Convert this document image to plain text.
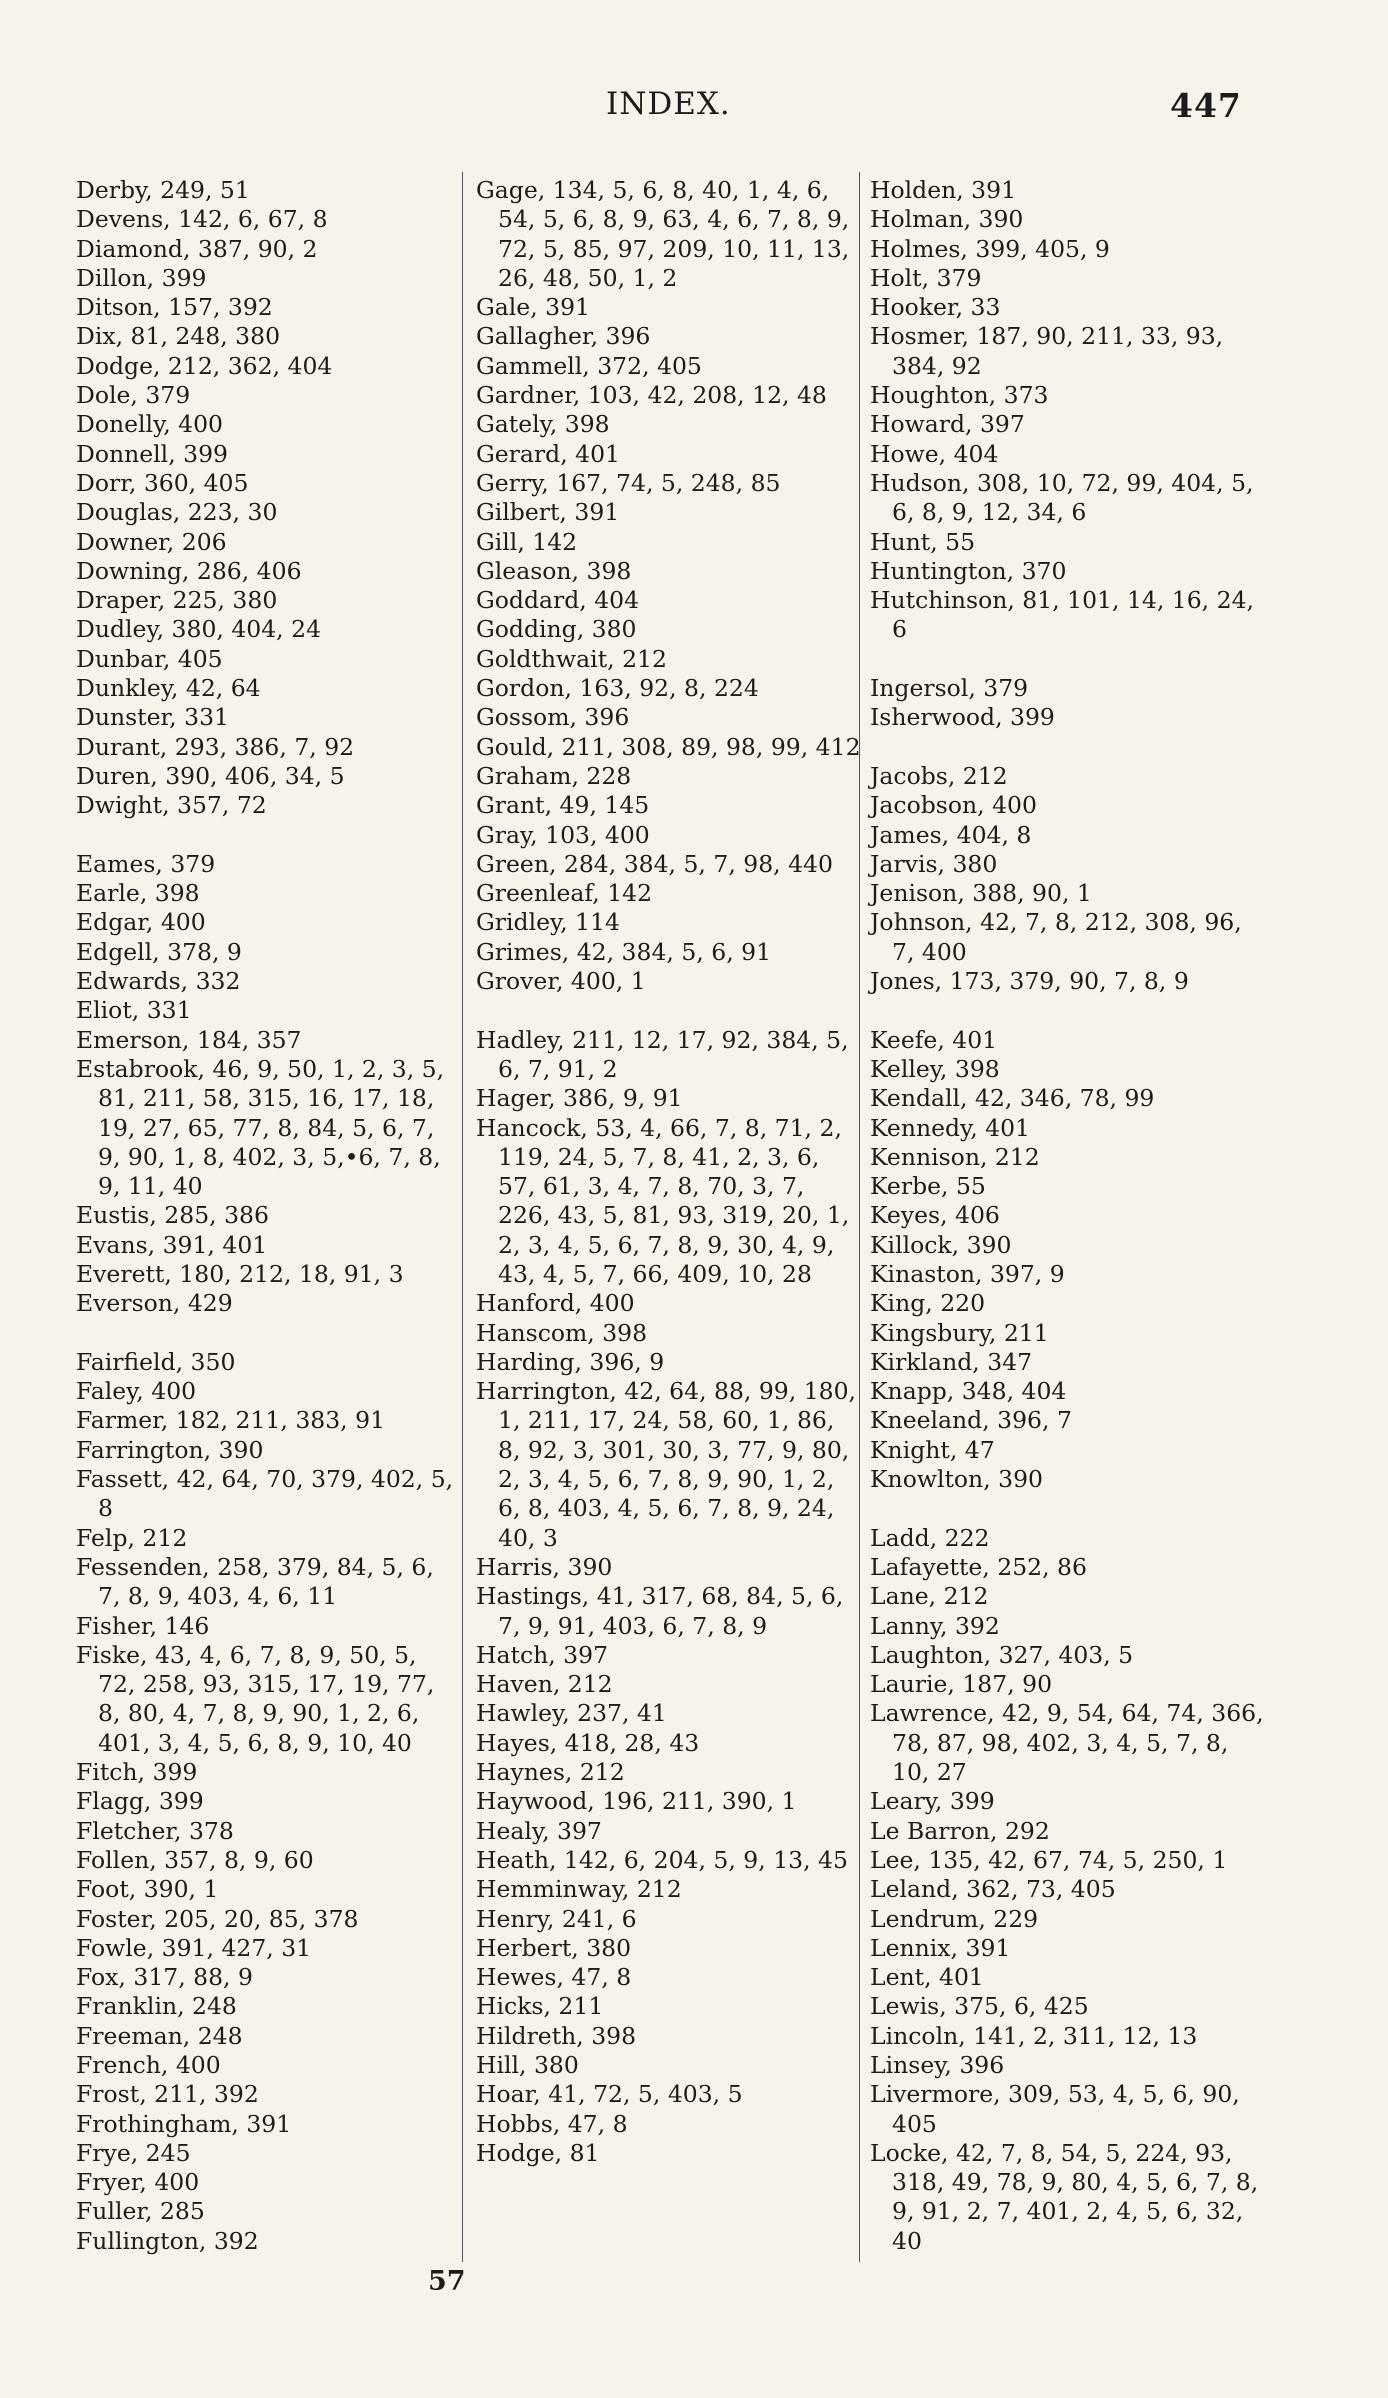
INDEX.	447
Derby, 249, 51
Devens, 142, 6, 67, 8
Diamond, 387, 90, 2
Dillon, 399
Ditson, 157, 392
Dix, 81, 248, 380
Dodge, 212, 362, 404
Dole, 379
Donelly, 400
Donnell, 399
Dorr, 360, 405
Douglas, 223, 30
Downer, 206
Downing, 286, 406
Draper, 225, 380
Dudley, 380, 404, 24
Dunbar, 405
Dunkley, 42, 64
Dunster, 331
Durant, 293, 386, 7, 92
Duren, 390, 406, 34, 5
Dwight, 357, 72
Eames, 379
Earle, 398
Edgar, 400
Edgell, 378, 9
Edwards, 332
Eliot, 331
Emerson, 184, 357
Estabrook, 46, 9, 50, 1, 2, 3, 5, 81, 211, 58, 315, 16, 17, 18, 19, 27, 65, 77, 8, 84, 5, 6, 7, 9, 90, 1, 8, 402, 3, 5,•6, 7, 8, 9, 11, 40
Eustis, 285, 386
Evans, 391, 401
Everett, 180, 212, 18, 91, 3
Everson, 429
Fairfield, 350
Faley, 400
Farmer, 182, 211, 383, 91
Farrington, 390
Fassett, 42, 64, 70, 379, 402, 5, 8
Felp, 212
Fessenden, 258, 379, 84, 5, 6, 7, 8, 9, 403, 4, 6, 11
Fisher, 146
Fiske, 43, 4, 6, 7, 8, 9, 50, 5, 72, 258, 93, 315, 17, 19, 77, 8, 80, 4, 7, 8, 9, 90, 1, 2, 6, 401, 3, 4, 5, 6, 8, 9, 10, 40
Fitch, 399
Flagg, 399
Fletcher, 378
Follen, 357, 8, 9, 60
Foot, 390, 1
Foster, 205, 20, 85, 378
Fowle, 391, 427, 31
Fox, 317, 88, 9
Franklin, 248
Freeman, 248
French, 400
Frost, 211, 392
Frothingham, 391
Frye, 245
Fryer, 400
Fuller, 285
Fullington, 392
Gage, 134, 5, 6, 8, 40, 1, 4, 6, 54, 5, 6, 8, 9, 63, 4, 6, 7, 8, 9, 72, 5, 85, 97, 209, 10, 11, 13, 26, 48, 50, 1, 2
Gale, 391
Gallagher, 396
Gammell, 372, 405
Gardner, 103, 42, 208, 12, 48
Gately, 398
Gerard, 401
Gerry, 167, 74, 5, 248, 85
Gilbert, 391
Gill, 142
Gleason, 398
Goddard, 404
Godding, 380
Goldthwait, 212
Gordon, 163, 92, 8, 224
Gossom, 396
Gould, 211, 308, 89, 98, 99, 412
Graham, 228
Grant, 49, 145
Gray, 103, 400
Green, 284, 384, 5, 7, 98, 440
Greenleaf, 142
Gridley, 114
Grimes, 42, 384, 5, 6, 91
Grover, 400, 1
Hadley, 211, 12, 17, 92, 384, 5, 6, 7, 91, 2
Hager, 386, 9, 91
Hancock, 53, 4, 66, 7, 8, 71, 2, 119, 24, 5, 7, 8, 41, 2, 3, 6, 57, 61, 3, 4, 7, 8, 70, 3, 7, 226, 43, 5, 81, 93, 319, 20, 1, 2, 3, 4, 5, 6, 7, 8, 9, 30, 4, 9, 43, 4, 5, 7, 66, 409, 10, 28
Hanford, 400
Hanscom, 398
Harding, 396, 9
Harrington, 42, 64, 88, 99, 180, 1, 211, 17, 24, 58, 60, 1, 86, 8, 92, 3, 301, 30, 3, 77, 9, 80, 2, 3, 4, 5, 6, 7, 8, 9, 90, 1, 2, 6, 8, 403, 4, 5, 6, 7, 8, 9, 24, 40, 3
Harris, 390
Hastings, 41, 317, 68, 84, 5, 6, 7, 9, 91, 403, 6, 7, 8, 9
Hatch, 397
Haven, 212
Hawley, 237, 41
Hayes, 418, 28, 43
Haynes, 212
Haywood, 196, 211, 390, 1
Healy, 397
Heath, 142, 6, 204, 5, 9, 13, 45
Hemminway, 212
Henry, 241, 6
Herbert, 380
Hewes, 47, 8
Hicks, 211
Hildreth, 398
Hill, 380
Hoar, 41, 72, 5, 403, 5
Hobbs, 47, 8
Hodge, 81
Holden, 391
Holman, 390
Holmes, 399, 405, 9
Holt, 379
Hooker, 33
Hosmer, 187, 90, 211, 33, 93, 384, 92
Houghton, 373
Howard, 397
Howe, 404
Hudson, 308, 10, 72, 99, 404, 5, 6, 8, 9, 12, 34, 6
Hunt, 55
Huntington, 370
Hutchinson, 81, 101, 14, 16, 24, 6
Ingersol, 379
Isherwood, 399
Jacobs, 212
Jacobson, 400
James, 404, 8
Jarvis, 380
Jenison, 388, 90, 1
Johnson, 42, 7, 8, 212, 308, 96, 7, 400
Jones, 173, 379, 90, 7, 8, 9
Keefe, 401
Kelley, 398
Kendall, 42, 346, 78, 99
Kennedy, 401
Kennison, 212
Kerbe, 55
Keyes, 406
Killock, 390
Kinaston, 397, 9
King, 220
Kingsbury, 211
Kirkland, 347
Knapp, 348, 404
Kneeland, 396, 7
Knight, 47
Knowlton, 390
Ladd, 222
Lafayette, 252, 86
Lane, 212
Lanny, 392
Laughton, 327, 403, 5
Laurie, 187, 90
Lawrence, 42, 9, 54, 64, 74, 366, 78, 87, 98, 402, 3, 4, 5, 7, 8, 10, 27
Leary, 399
Le Barron, 292
Lee, 135, 42, 67, 74, 5, 250, 1
Leland, 362, 73, 405
Lendrum, 229
Lennix, 391
Lent, 401
Lewis, 375, 6, 425
Lincoln, 141, 2, 311, 12, 13
Linsey, 396
Livermore, 309, 53, 4, 5, 6, 90, 405
Locke, 42, 7, 8, 54, 5, 224, 93, 318, 49, 78, 9, 80, 4, 5, 6, 7, 8, 9, 91, 2, 7, 401, 2, 4, 5, 6, 32, 40
57
